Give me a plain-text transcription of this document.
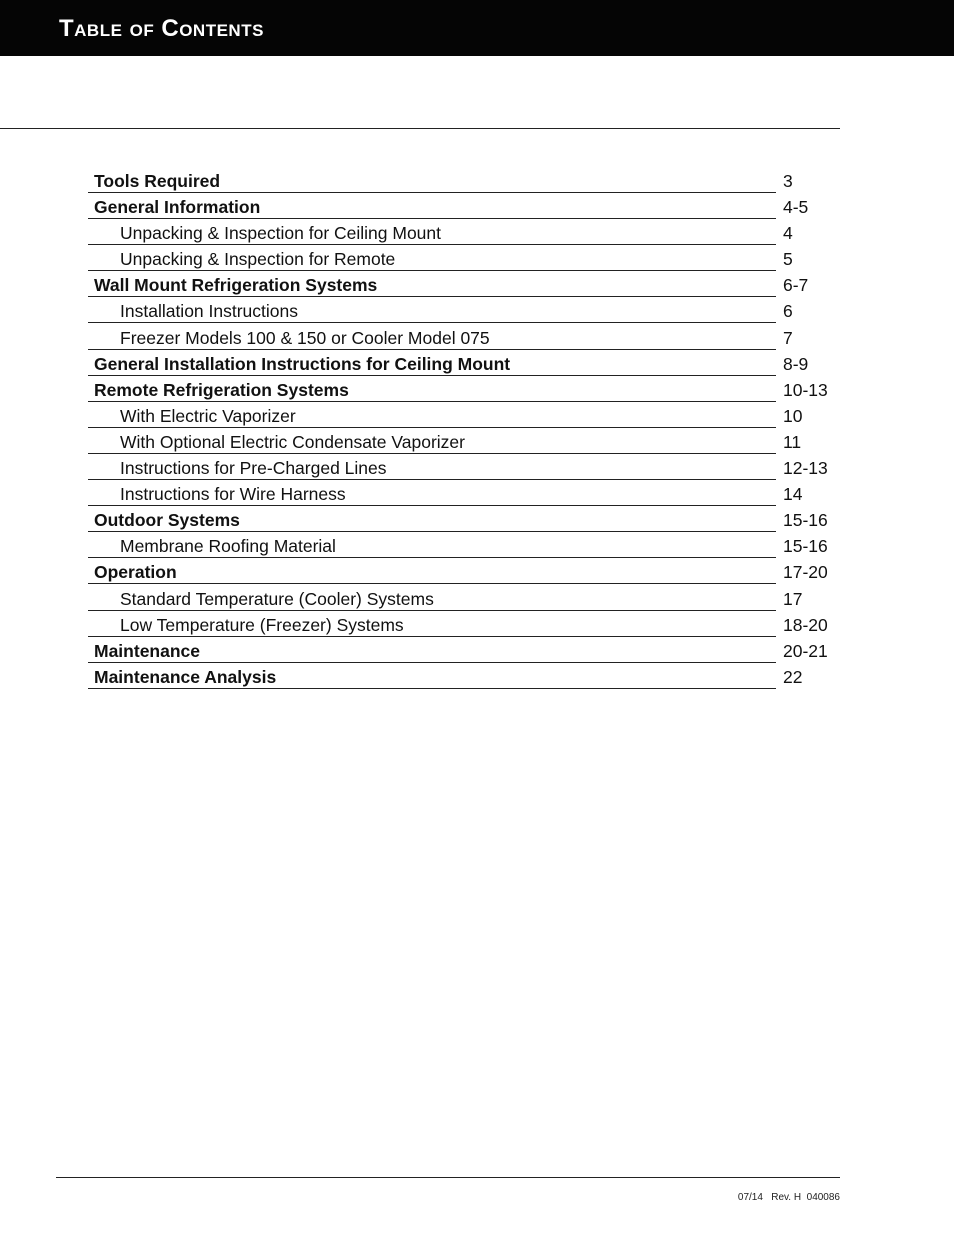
Table of Contents
Tools Required	3
General Information	4-5
Unpacking & Inspection for Ceiling Mount	4
Unpacking & Inspection for Remote	5
Wall Mount Refrigeration Systems	6-7
Installation Instructions	6
Freezer Models 100 & 150 or Cooler Model 075	7
General Installation Instructions for Ceiling Mount	8-9
Remote Refrigeration Systems	10-13
With Electric Vaporizer	10
With Optional Electric Condensate Vaporizer	11
Instructions for Pre-Charged Lines	12-13
Instructions for Wire Harness	14
Outdoor Systems	15-16
Membrane Roofing Material	15-16
Operation	17-20
Standard Temperature (Cooler) Systems	17
Low Temperature (Freezer) Systems	18-20
Maintenance	20-21
Maintenance Analysis	22
07/14   Rev. H  040086
